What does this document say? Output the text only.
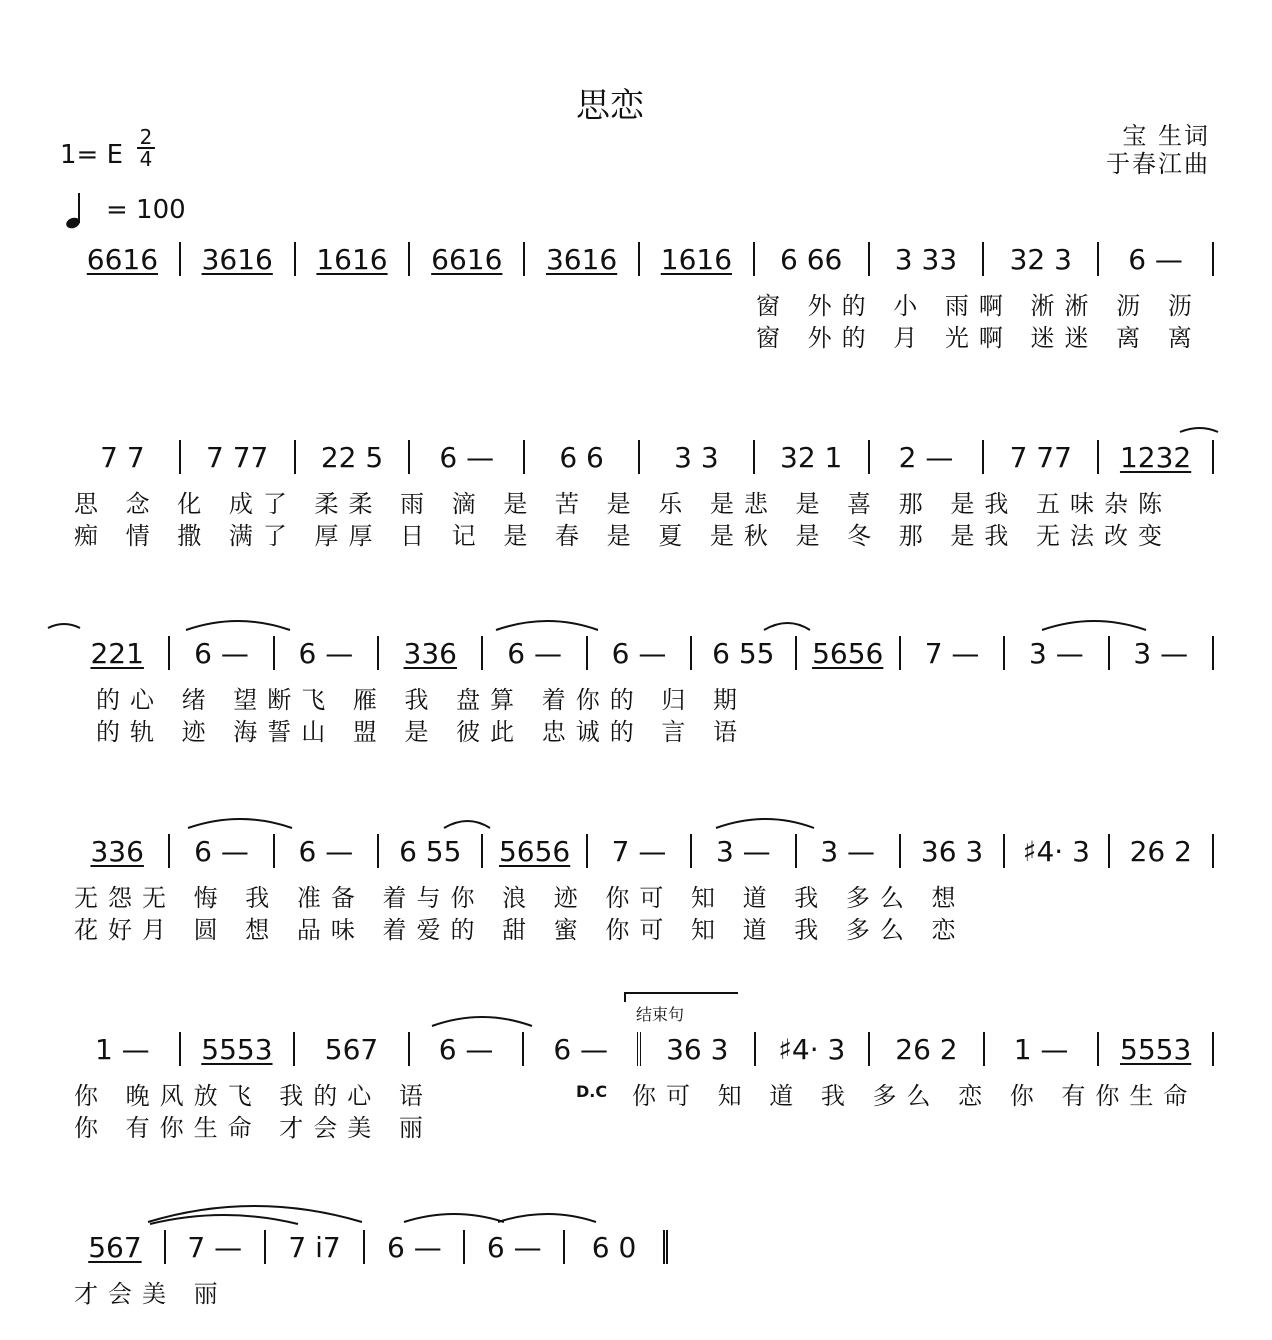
思恋
宝 生词
于春江曲
1= E
2
4
= 100
6616	3616	1616	6616	3616	1616	6 66	3 33	32 3	6 —
窗 外的 小 雨啊 淅淅 沥 沥
窗 外的 月 光啊 迷迷 离 离
7 7	7 77	22 5	6 —	6 6	3 3	32 1	2 —	7 77	1232
思 念 化 成了 柔柔 雨 滴 是 苦 是 乐 是悲 是 喜 那 是我 五味杂陈
痴 情 撒 满了 厚厚 日 记 是 春 是 夏 是秋 是 冬 那 是我 无法改变
221	6 —	6 —	336	6 —	6 —	6 55	5656	7 —	3 —	3 —
的心 绪 望断飞 雁 我 盘算 着你的 归 期
的轨 迹 海誓山 盟 是 彼此 忠诚的 言 语
336	6 —	6 —	6 55	5656	7 —	3 —	3 —	36 3	♯4· 3	26 2
无怨无 悔 我 准备 着与你 浪 迹 你可 知 道 我 多么 想
花好月 圆 想 品味 着爱的 甜 蜜 你可 知 道 我 多么 恋
结束句
1 —	5553	567	6 —	6 —	36 3	♯4· 3	26 2	1 —	5553
你 晚风放飞 我的心 语	D.C 你可 知 道 我 多么 恋 你 有你生命
你 有你生命 才会美 丽
567	7 —	7 i7	6 —	6 —	6 0
才会美 丽
